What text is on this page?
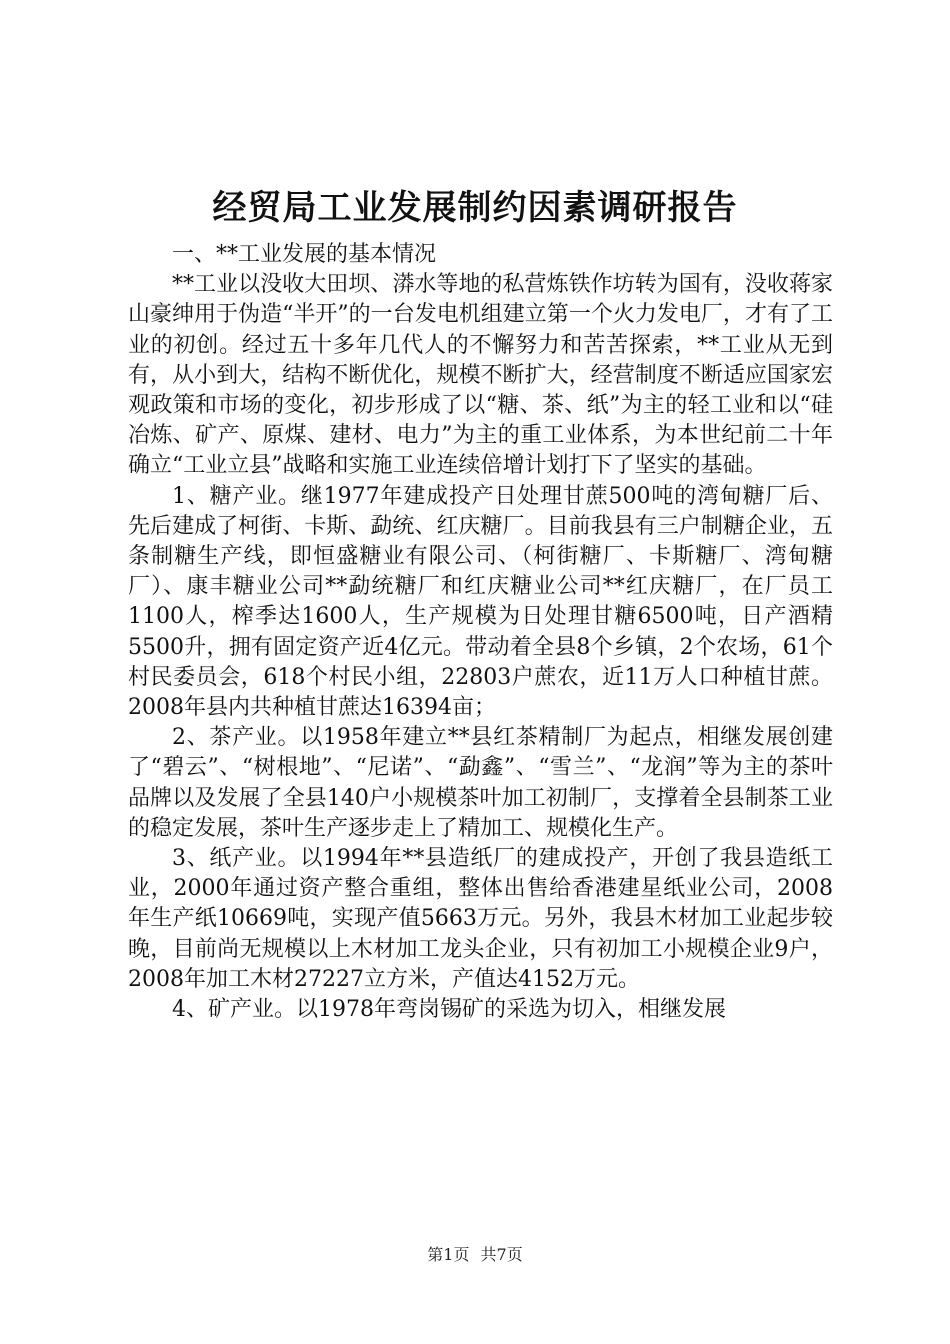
经贸局工业发展制约因素调研报告

一、**工业发展的基本情况

**工业以没收大田坝、漭水等地的私营炼铁作坊转为国有，没收蒋家山豪绅用于伪造“半开”的一台发电机组建立第一个火力发电厂，才有了工业的初创。经过五十多年几代人的不懈努力和苦苦探索，**工业从无到有，从小到大，结构不断优化，规模不断扩大，经营制度不断适应国家宏观政策和市场的变化，初步形成了以“糖、茶、纸”为主的轻工业和以“硅冶炼、矿产、原煤、建材、电力”为主的重工业体系，为本世纪前二十年确立“工业立县”战略和实施工业连续倍增计划打下了坚实的基础。

1、糖产业。继1977年建成投产日处理甘蔗500吨的湾甸糖厂后、先后建成了柯街、卡斯、勐统、红庆糖厂。目前我县有三户制糖企业，五条制糖生产线，即恒盛糖业有限公司、（柯街糖厂、卡斯糖厂、湾甸糖厂）、康丰糖业公司**勐统糖厂和红庆糖业公司**红庆糖厂，在厂员工1100人，榨季达1600人，生产规模为日处理甘糖6500吨，日产酒精5500升，拥有固定资产近4亿元。带动着全县8个乡镇，2个农场，61个村民委员会，618个村民小组，22803户蔗农，近11万人口种植甘蔗。2008年县内共种植甘蔗达16394亩；

2、茶产业。以1958年建立**县红茶精制厂为起点，相继发展创建了“碧云”、“树根地”、“尼诺”、“勐鑫”、“雪兰”、“龙润”等为主的茶叶品牌以及发展了全县140户小规模茶叶加工初制厂，支撑着全县制茶工业的稳定发展，茶叶生产逐步走上了精加工、规模化生产。

3、纸产业。以1994年**县造纸厂的建成投产，开创了我县造纸工业，2000年通过资产整合重组，整体出售给香港建星纸业公司，2008年生产纸10669吨，实现产值5663万元。另外，我县木材加工业起步较晚，目前尚无规模以上木材加工龙头企业，只有初加工小规模企业9户，2008年加工木材27227立方米，产值达4152万元。

4、矿产业。以1978年弯岗锡矿的采选为切入，相继发展

第1页 共7页
